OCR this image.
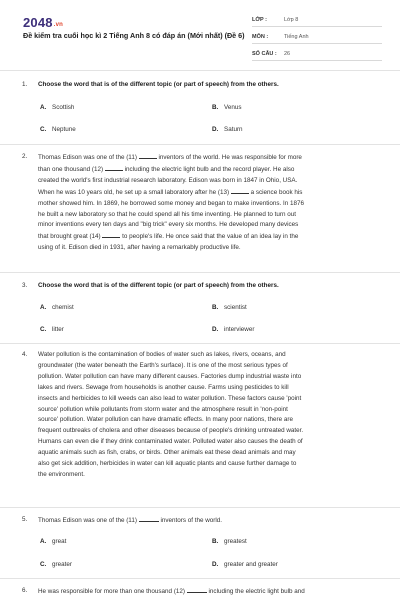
2048.vn
Đề kiểm tra cuối học kì 2 Tiếng Anh 8 có đáp án (Mới nhất) (Đề 6)
LỚP :	Lớp 8
MÔN :	Tiếng Anh
SỐ CÂU : 26
1. Choose the word that is of the different topic (or part of speech) from the others.
A. Scottish	B. Venus
C. Neptune	D. Saturn
2. Thomas Edison was one of the (11)	inventors of the world. He was responsible for more
than one thousand (12)	including the electric light bulb and the record player. He also
created the world's first industrial research laboratory. Edison was born in 1847 in Ohio, USA.
When he was 10 years old, he set up a small laboratory after he (13)	a science book his
mother showed him. In 1869, he borrowed some money and began to make inventions. In 1876
he built a new laboratory so that he could spend all his time inventing. He planned to turn out
minor inventions every ten days and "big trick" every six months. He developed many devices
that brought great (14)	to people's life. He once said that the value of an idea lay in the
using of it. Edison died in 1931, after having a remarkably productive life.
3. Choose the word that is of the different topic (or part of speech) from the others.
A. chemist	B. scientist
C. litter	D. interviewer
4. Water pollution is the contamination of bodies of water such as lakes, rivers, oceans, and
groundwater (the water beneath the Earth's surface). It is one of the most serious types of
pollution. Water pollution can have many different causes. Factories dump industrial waste into
lakes and rivers. Sewage from households is another cause. Farms using pesticides to kill
insects and herbicides to kill weeds can also lead to water pollution. These factors cause 'point
source' pollution while pollutants from storm water and the atmosphere result in 'non-point
source' pollution. Water pollution can have dramatic effects. In many poor nations, there are
frequent outbreaks of cholera and other diseases because of people's drinking untreated water.
Humans can even die if they drink contaminated water. Polluted water also causes the death of
aquatic animals such as fish, crabs, or birds. Other animals eat these dead animals and may
also get sick addition, herbicides in water can kill aquatic plants and cause further damage to
the environment.
5. Thomas Edison was one of the (11)	inventors of the world.
A. great	B. greatest
C. greater	D. greater and greater
6. He was responsible for more than one thousand (12)	including the electric light bulb and
